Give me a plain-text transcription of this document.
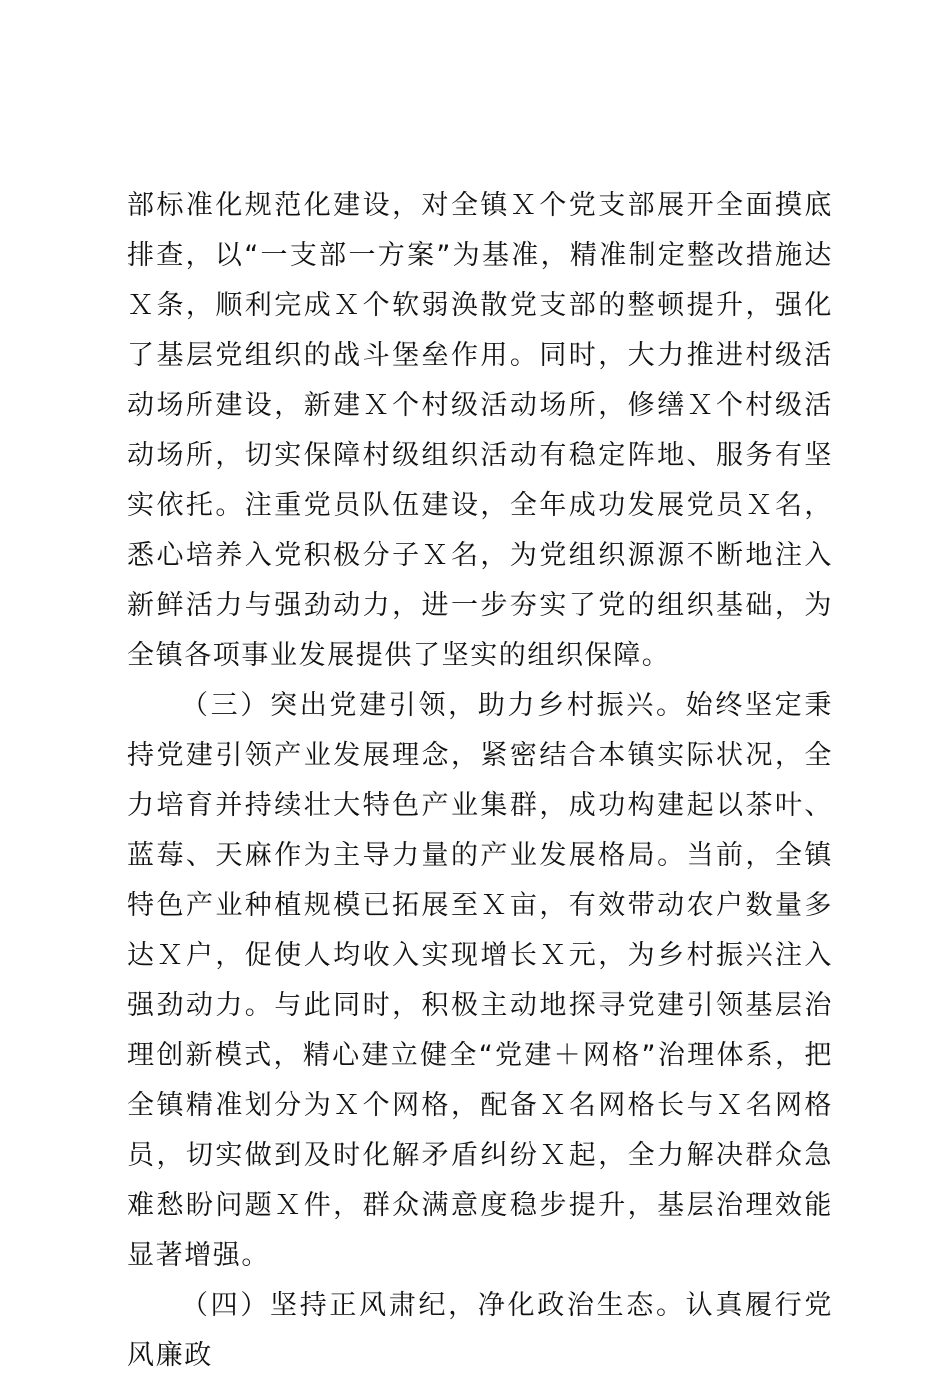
部标准化规范化建设，对全镇Ｘ个党支部展开全面摸底排查，以“一支部一方案”为基准，精准制定整改措施达Ｘ条，顺利完成Ｘ个软弱涣散党支部的整顿提升，强化了基层党组织的战斗堡垒作用。同时，大力推进村级活动场所建设，新建Ｘ个村级活动场所，修缮Ｘ个村级活动场所，切实保障村级组织活动有稳定阵地、服务有坚实依托。注重党员队伍建设，全年成功发展党员Ｘ名，悉心培养入党积极分子Ｘ名，为党组织源源不断地注入新鲜活力与强劲动力，进一步夯实了党的组织基础，为全镇各项事业发展提供了坚实的组织保障。

（三）突出党建引领，助力乡村振兴。始终坚定秉持党建引领产业发展理念，紧密结合本镇实际状况，全力培育并持续壮大特色产业集群，成功构建起以茶叶、蓝莓、天麻作为主导力量的产业发展格局。当前，全镇特色产业种植规模已拓展至Ｘ亩，有效带动农户数量多达Ｘ户，促使人均收入实现增长Ｘ元，为乡村振兴注入强劲动力。与此同时，积极主动地探寻党建引领基层治理创新模式，精心建立健全“党建＋网格”治理体系，把全镇精准划分为Ｘ个网格，配备Ｘ名网格长与Ｘ名网格员，切实做到及时化解矛盾纠纷Ｘ起，全力解决群众急难愁盼问题Ｘ件，群众满意度稳步提升，基层治理效能显著增强。

（四）坚持正风肃纪，净化政治生态。认真履行党风廉政
